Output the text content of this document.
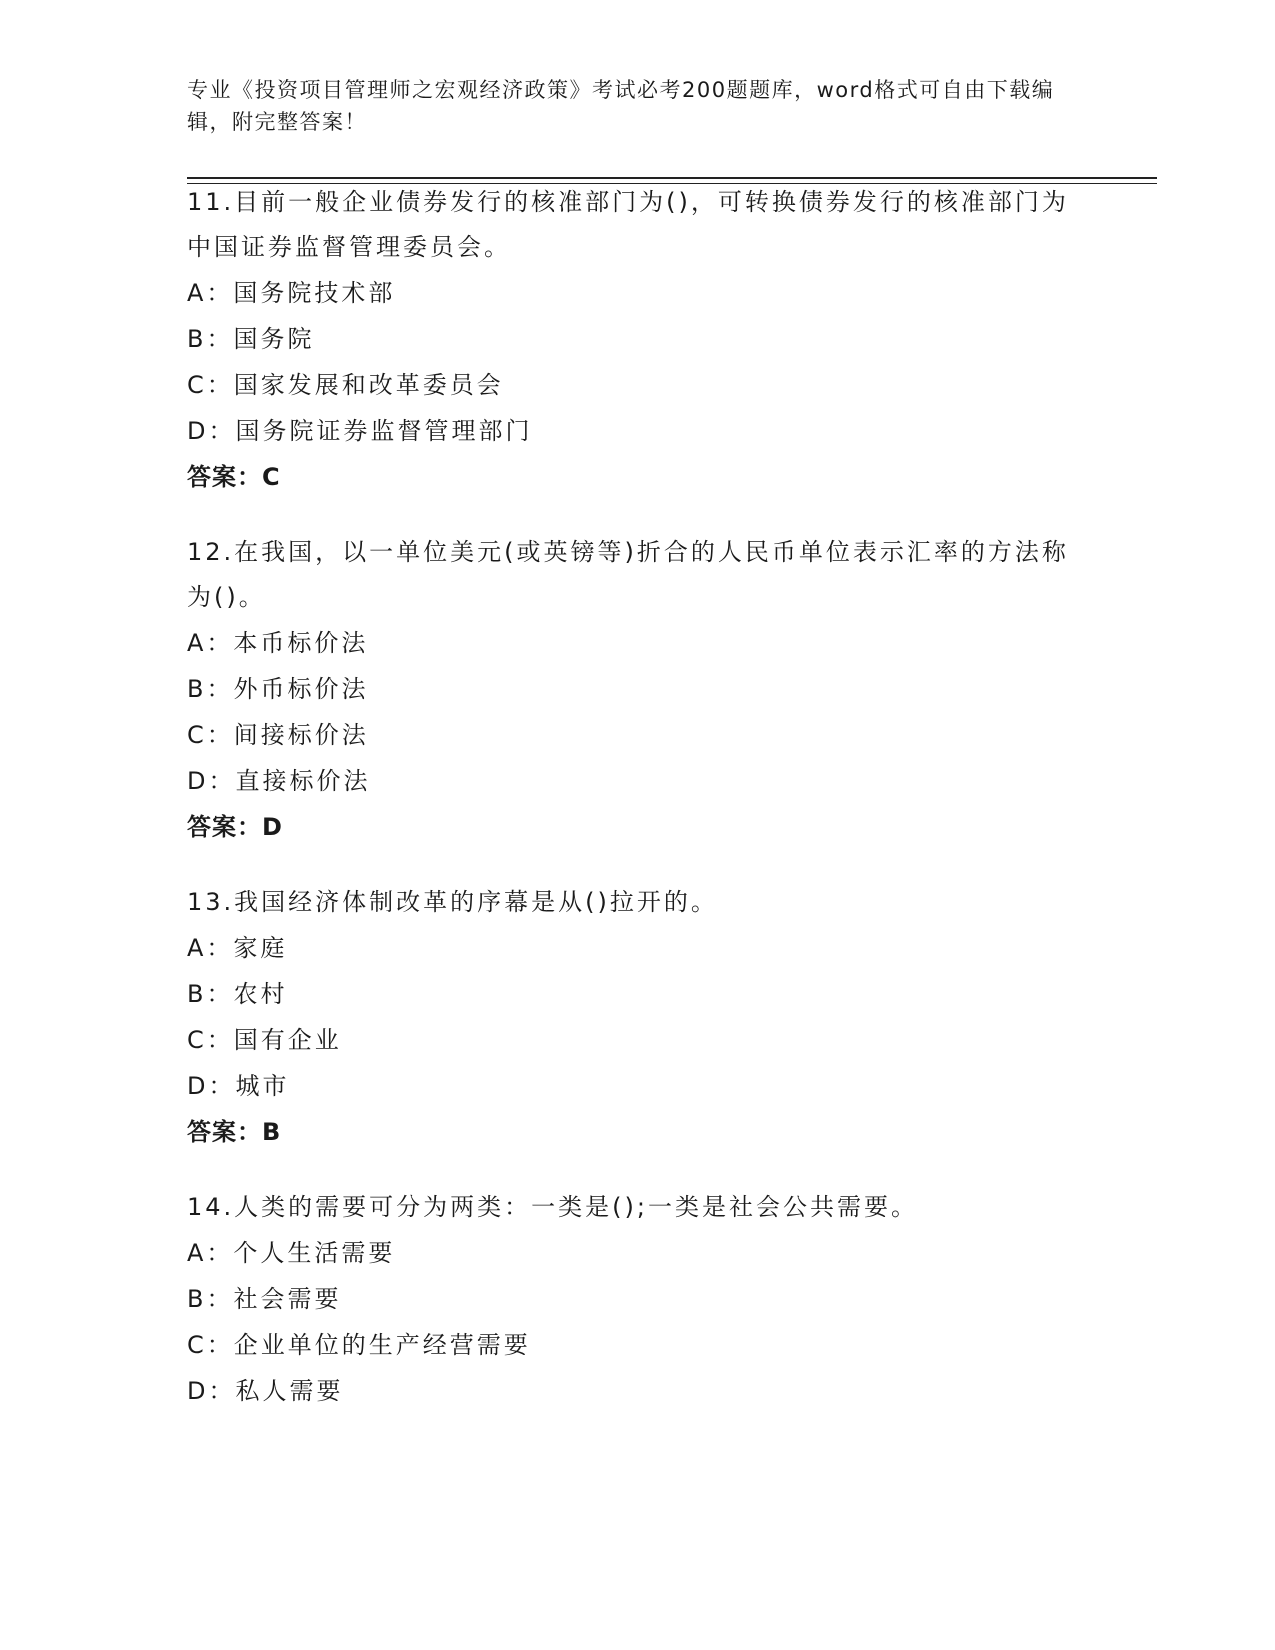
专业《投资项目管理师之宏观经济政策》考试必考200题题库，word格式可自由下载编辑，附完整答案！
11.目前一般企业债券发行的核准部门为()，可转换债券发行的核准部门为中国证券监督管理委员会。
A：国务院技术部
B：国务院
C：国家发展和改革委员会
D：国务院证券监督管理部门
答案：C
12.在我国，以一单位美元(或英镑等)折合的人民币单位表示汇率的方法称为()。
A：本币标价法
B：外币标价法
C：间接标价法
D：直接标价法
答案：D
13.我国经济体制改革的序幕是从()拉开的。
A：家庭
B：农村
C：国有企业
D：城市
答案：B
14.人类的需要可分为两类：一类是();一类是社会公共需要。
A：个人生活需要
B：社会需要
C：企业单位的生产经营需要
D：私人需要
